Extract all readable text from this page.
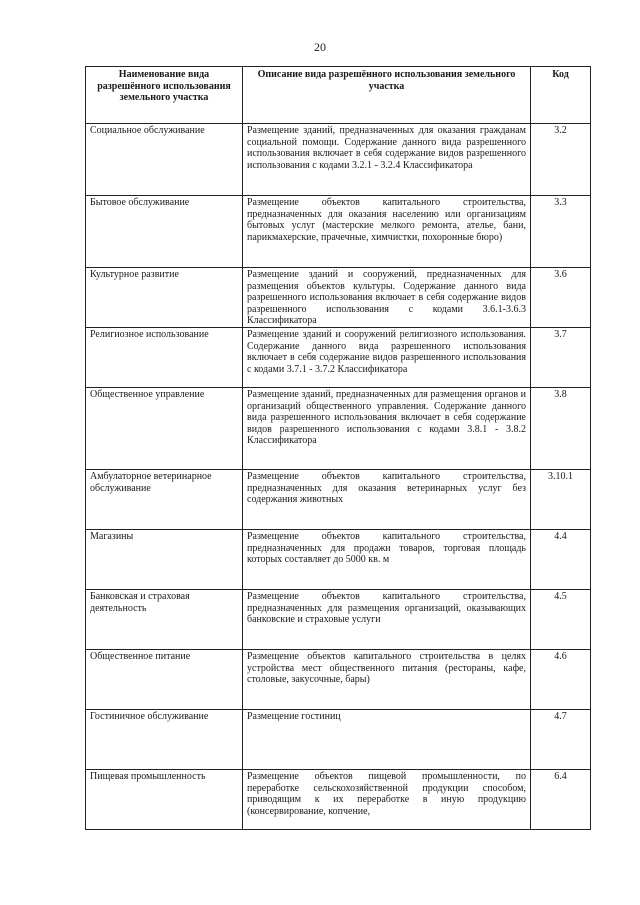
20
Наименование вида разрешённого использования земельного участка	Описание вида разрешённого использования земельного участка	Код
Социальное обслуживание	Размещение зданий, предназначенных для оказания гражданам социальной помощи. Содержание данного вида разрешенного использования включает в себя содержание видов разрешенного использования с кодами 3.2.1 - 3.2.4 Классификатора	3.2
Бытовое обслуживание	Размещение объектов капитального строительства, предназначенных для оказания населению или организациям бытовых услуг (мастерские мелкого ремонта, ателье, бани, парикмахерские, прачечные, химчистки, похоронные бюро)	3.3
Культурное развитие	Размещение зданий и сооружений, предназначенных для размещения объектов культуры. Содержание данного вида разрешенного использования включает в себя содержание видов разрешенного использования с кодами 3.6.1-3.6.3 Классификатора	3.6
Религиозное использование	Размещение зданий и сооружений религиозного использования. Содержание данного вида разрешенного использования включает в себя содержание видов разрешенного использования с кодами 3.7.1 - 3.7.2 Классификатора	3.7
Общественное управление	Размещение зданий, предназначенных для размещения органов и организаций общественного управления. Содержание данного вида разрешенного использования включает в себя содержание видов разрешенного использования с кодами 3.8.1 - 3.8.2 Классификатора	3.8
Амбулаторное ветеринарное обслуживание	Размещение объектов капитального строительства, предназначенных для оказания ветеринарных услуг без содержания животных	3.10.1
Магазины	Размещение объектов капитального строительства, предназначенных для продажи товаров, торговая площадь которых составляет до 5000 кв. м	4.4
Банковская и страховая деятельность	Размещение объектов капитального строительства, предназначенных для размещения организаций, оказывающих банковские и страховые услуги	4.5
Общественное питание	Размещение объектов капитального строительства в целях устройства мест общественного питания (рестораны, кафе, столовые, закусочные, бары)	4.6
Гостиничное обслуживание	Размещение гостиниц	4.7
Пищевая промышленность	Размещение объектов пищевой промышленности, по переработке сельскохозяйственной продукции способом, приводящим к их переработке в иную продукцию (консервирование, копчение,	6.4
